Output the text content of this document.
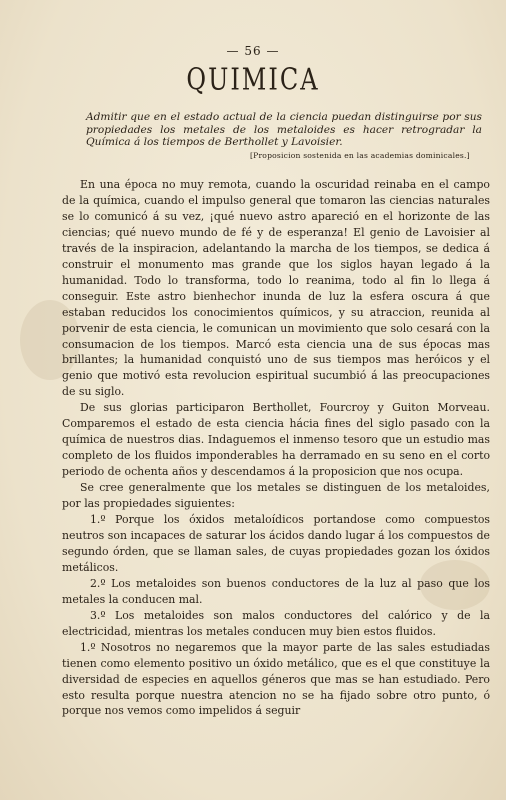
— 56 —
QUIMICA
Admitir que en el estado actual de la ciencia puedan distinguirse por sus propiedades los metales de los metaloides es hacer retrogradar la Química á los tiempos de Berthollet y Lavoisier.
[Proposicion sostenida en las academias dominicales.]

En una época no muy remota, cuando la oscuridad reinaba en el campo de la química, cuando el impulso general que tomaron las ciencias naturales se lo comunicó á su vez, ¡qué nuevo astro apareció en el horizonte de las ciencias; qué nuevo mundo de fé y de esperanza! El genio de Lavoisier al través de la inspiracion, adelantando la marcha de los tiempos, se dedica á construir el monumento mas grande que los siglos hayan legado á la humanidad. Todo lo transforma, todo lo reanima, todo al fin lo llega á conseguir. Este astro bienhechor inunda de luz la esfera oscura á que estaban reducidos los conocimientos químicos, y su atraccion, reunida al porvenir de esta ciencia, le comunican un movimiento que solo cesará con la consumacion de los tiempos. Marcó esta ciencia una de sus épocas mas brillantes; la humanidad conquistó uno de sus tiempos mas heróicos y el genio que motivó esta revolucion espiritual sucumbió á las preocupaciones de su siglo.

De sus glorias participaron Berthollet, Fourcroy y Guiton Morveau. Comparemos el estado de esta ciencia hácia fines del siglo pasado con la química de nuestros dias. Indaguemos el inmenso tesoro que un estudio mas completo de los fluidos imponderables ha derramado en su seno en el corto periodo de ochenta años y descendamos á la proposicion que nos ocupa.

Se cree generalmente que los metales se distinguen de los metaloides, por las propiedades siguientes:

1.º Porque los óxidos metaloídicos portandose como compuestos neutros son incapaces de saturar los ácidos dando lugar á los compuestos de segundo órden, que se llaman sales, de cuyas propiedades gozan los óxidos metálicos.

2.º Los metaloides son buenos conductores de la luz al paso que los metales la conducen mal.

3.º Los metaloides son malos conductores del calórico y de la electricidad, mientras los metales conducen muy bien estos fluidos.

1.º Nosotros no negaremos que la mayor parte de las sales estudiadas tienen como elemento positivo un óxido metálico, que es el que constituye la diversidad de especies en aquellos géneros que mas se han estudiado. Pero esto resulta porque nuestra atencion no se ha fijado sobre otro punto, ó porque nos vemos como impelidos á seguir
